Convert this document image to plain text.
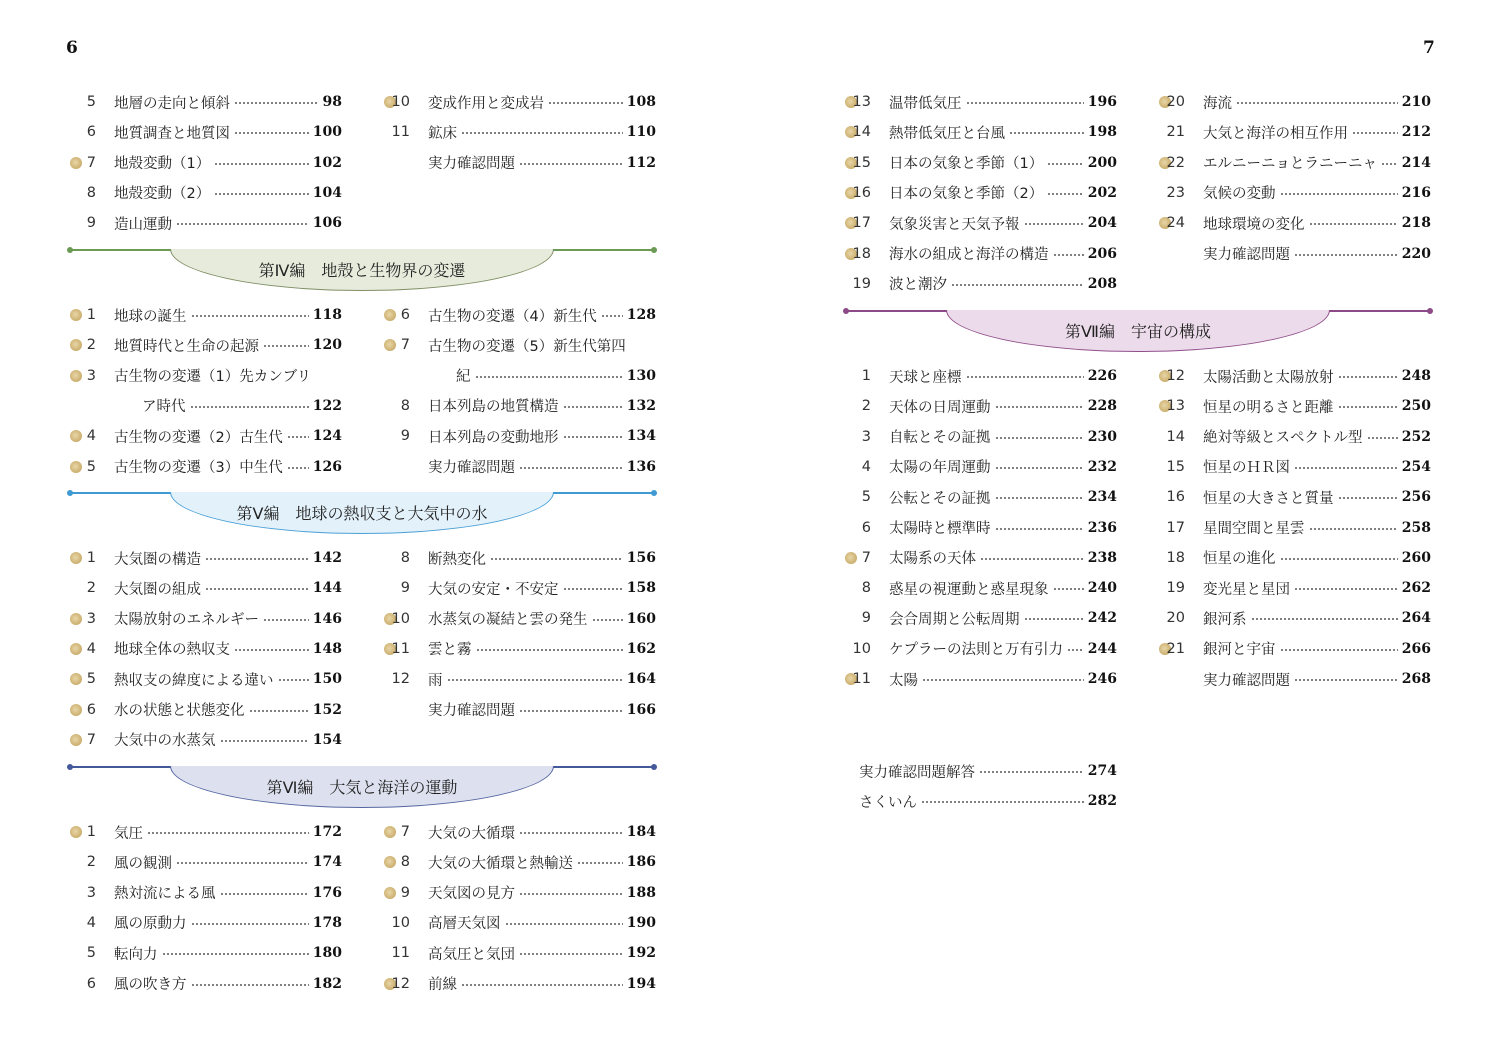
6	7
5 地層の走向と傾斜	98
6 地質調査と地質図	100
7 地殻変動（1）	102
8 地殻変動（2）	104
9 造山運動	106
10 変成作用と変成岩	108
11 鉱床	110
実力確認問題	112
第Ⅳ編　地殻と生物界の変遷
1 地球の誕生	118
2 地質時代と生命の起源	120
3 古生物の変遷（1）先カンブリ
ア時代	122
4 古生物の変遷（2）古生代 124
5 古生物の変遷（3）中生代 126
6 古生物の変遷（4）新生代 128
7 古生物の変遷（5）新生代第四
紀	130
8 日本列島の地質構造	132
9 日本列島の変動地形	134
実力確認問題	136
第Ⅴ編　地球の熱収支と大気中の水
1 大気圏の構造	142
2 大気圏の組成	144
3 太陽放射のエネルギー	146
4 地球全体の熱収支	148
5 熱収支の緯度による違い	150
6 水の状態と状態変化	152
7 大気中の水蒸気	154
8 断熱変化	156
9 大気の安定・不安定	158
10 水蒸気の凝結と雲の発生	160
11 雲と霧	162
12 雨	164
実力確認問題	166
第Ⅵ編　大気と海洋の運動
1 気圧	172
2 風の観測	174
3 熱対流による風	176
4 風の原動力	178
5 転向力	180
6 風の吹き方	182
7 大気の大循環	184
8 大気の大循環と熱輸送	186
9 天気図の見方	188
10 高層天気図	190
11 高気圧と気団	192
12 前線	194
13 温帯低気圧	196
14 熱帯低気圧と台風	198
15 日本の気象と季節（1）	200
16 日本の気象と季節（2）	202
17 気象災害と天気予報	204
18 海水の組成と海洋の構造	206
19 波と潮汐	208
20 海流	210
21 大気と海洋の相互作用	212
22 エルニーニョとラニーニャ 214
23 気候の変動	216
24 地球環境の変化	218
実力確認問題	220
第Ⅶ編　宇宙の構成
1 天球と座標	226
2 天体の日周運動	228
3 自転とその証拠	230
4 太陽の年周運動	232
5 公転とその証拠	234
6 太陽時と標準時	236
7 太陽系の天体	238
8 惑星の視運動と惑星現象	240
9 会合周期と公転周期	242
10 ケプラーの法則と万有引力 244
11 太陽	246
12 太陽活動と太陽放射	248
13 恒星の明るさと距離	250
14 絶対等級とスペクトル型	252
15 恒星のＨＲ図	254
16 恒星の大きさと質量	256
17 星間空間と星雲	258
18 恒星の進化	260
19 変光星と星団	262
20 銀河系	264
21 銀河と宇宙	266
実力確認問題	268
実力確認問題解答	274
さくいん	282
